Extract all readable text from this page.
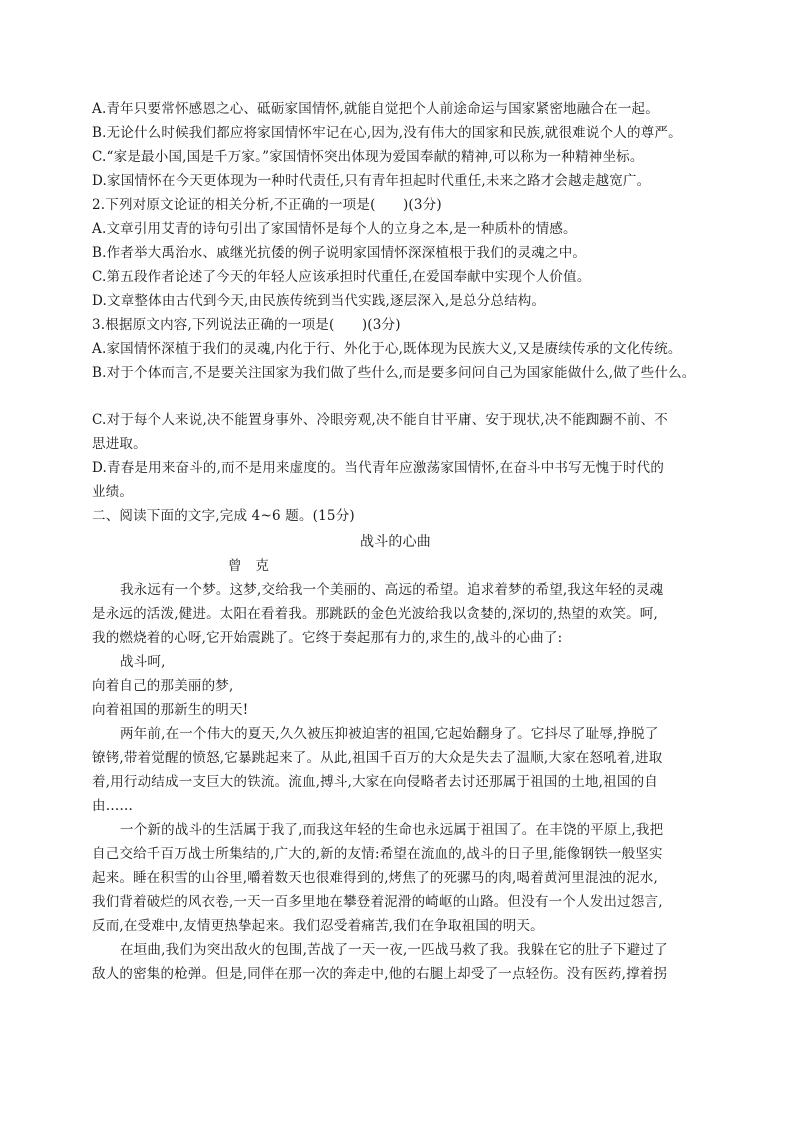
A.青年只要常怀感恩之心、砥砺家国情怀,就能自觉把个人前途命运与国家紧密地融合在一起。
B.无论什么时候我们都应将家国情怀牢记在心,因为,没有伟大的国家和民族,就很难说个人的尊严。
C.“家是最小国,国是千万家。”家国情怀突出体现为爱国奉献的精神,可以称为一种精神坐标。
D.家国情怀在今天更体现为一种时代责任,只有青年担起时代重任,未来之路才会越走越宽广。
2.下列对原文论证的相关分析,不正确的一项是(　　)(3分)
A.文章引用艾青的诗句引出了家国情怀是每个人的立身之本,是一种质朴的情感。
B.作者举大禹治水、戚继光抗倭的例子说明家国情怀深深植根于我们的灵魂之中。
C.第五段作者论述了今天的年轻人应该承担时代重任,在爱国奉献中实现个人价值。
D.文章整体由古代到今天,由民族传统到当代实践,逐层深入,是总分总结构。
3.根据原文内容,下列说法正确的一项是(　　)(3分)
A.家国情怀深植于我们的灵魂,内化于行、外化于心,既体现为民族大义,又是赓续传承的文化传统。
B.对于个体而言,不是要关注国家为我们做了些什么,而是要多问问自己为国家能做什么,做了些什么。
C.对于每个人来说,决不能置身事外、冷眼旁观,决不能自甘平庸、安于现状,决不能踟蹰不前、不
思进取。
D.青春是用来奋斗的,而不是用来虚度的。当代青年应激荡家国情怀,在奋斗中书写无愧于时代的
业绩。
二、阅读下面的文字,完成 4~6 题。(15分)
战斗的心曲
曾　克
我永远有一个梦。这梦,交给我一个美丽的、高远的希望。追求着梦的希望,我这年轻的灵魂
是永远的活泼,健进。太阳在看着我。那跳跃的金色光波给我以贪婪的,深切的,热望的欢笑。呵,
我的燃烧着的心呀,它开始震跳了。它终于奏起那有力的,求生的,战斗的心曲了:
战斗呵,
向着自己的那美丽的梦,
向着祖国的那新生的明天!
两年前,在一个伟大的夏天,久久被压抑被迫害的祖国,它起始翻身了。它抖尽了耻辱,挣脱了
镣铐,带着觉醒的愤怒,它暴跳起来了。从此,祖国千百万的大众是失去了温顺,大家在怒吼着,进取
着,用行动结成一支巨大的铁流。流血,搏斗,大家在向侵略者去讨还那属于祖国的土地,祖国的自
由……
一个新的战斗的生活属于我了,而我这年轻的生命也永远属于祖国了。在丰饶的平原上,我把
自己交给千百万战士所集结的,广大的,新的友情:希望在流血的,战斗的日子里,能像钢铁一般坚实
起来。睡在积雪的山谷里,嚼着数天也很难得到的,烤焦了的死骡马的肉,喝着黄河里混浊的泥水,
我们背着破烂的风衣卷,一天一百多里地在攀登着泥滑的崎岖的山路。但没有一个人发出过怨言,
反而,在受难中,友情更热挚起来。我们忍受着痛苦,我们在争取祖国的明天。
在垣曲,我们为突出敌火的包围,苦战了一天一夜,一匹战马救了我。我躲在它的肚子下避过了
敌人的密集的枪弹。但是,同伴在那一次的奔走中,他的右腿上却受了一点轻伤。没有医药,撑着拐
